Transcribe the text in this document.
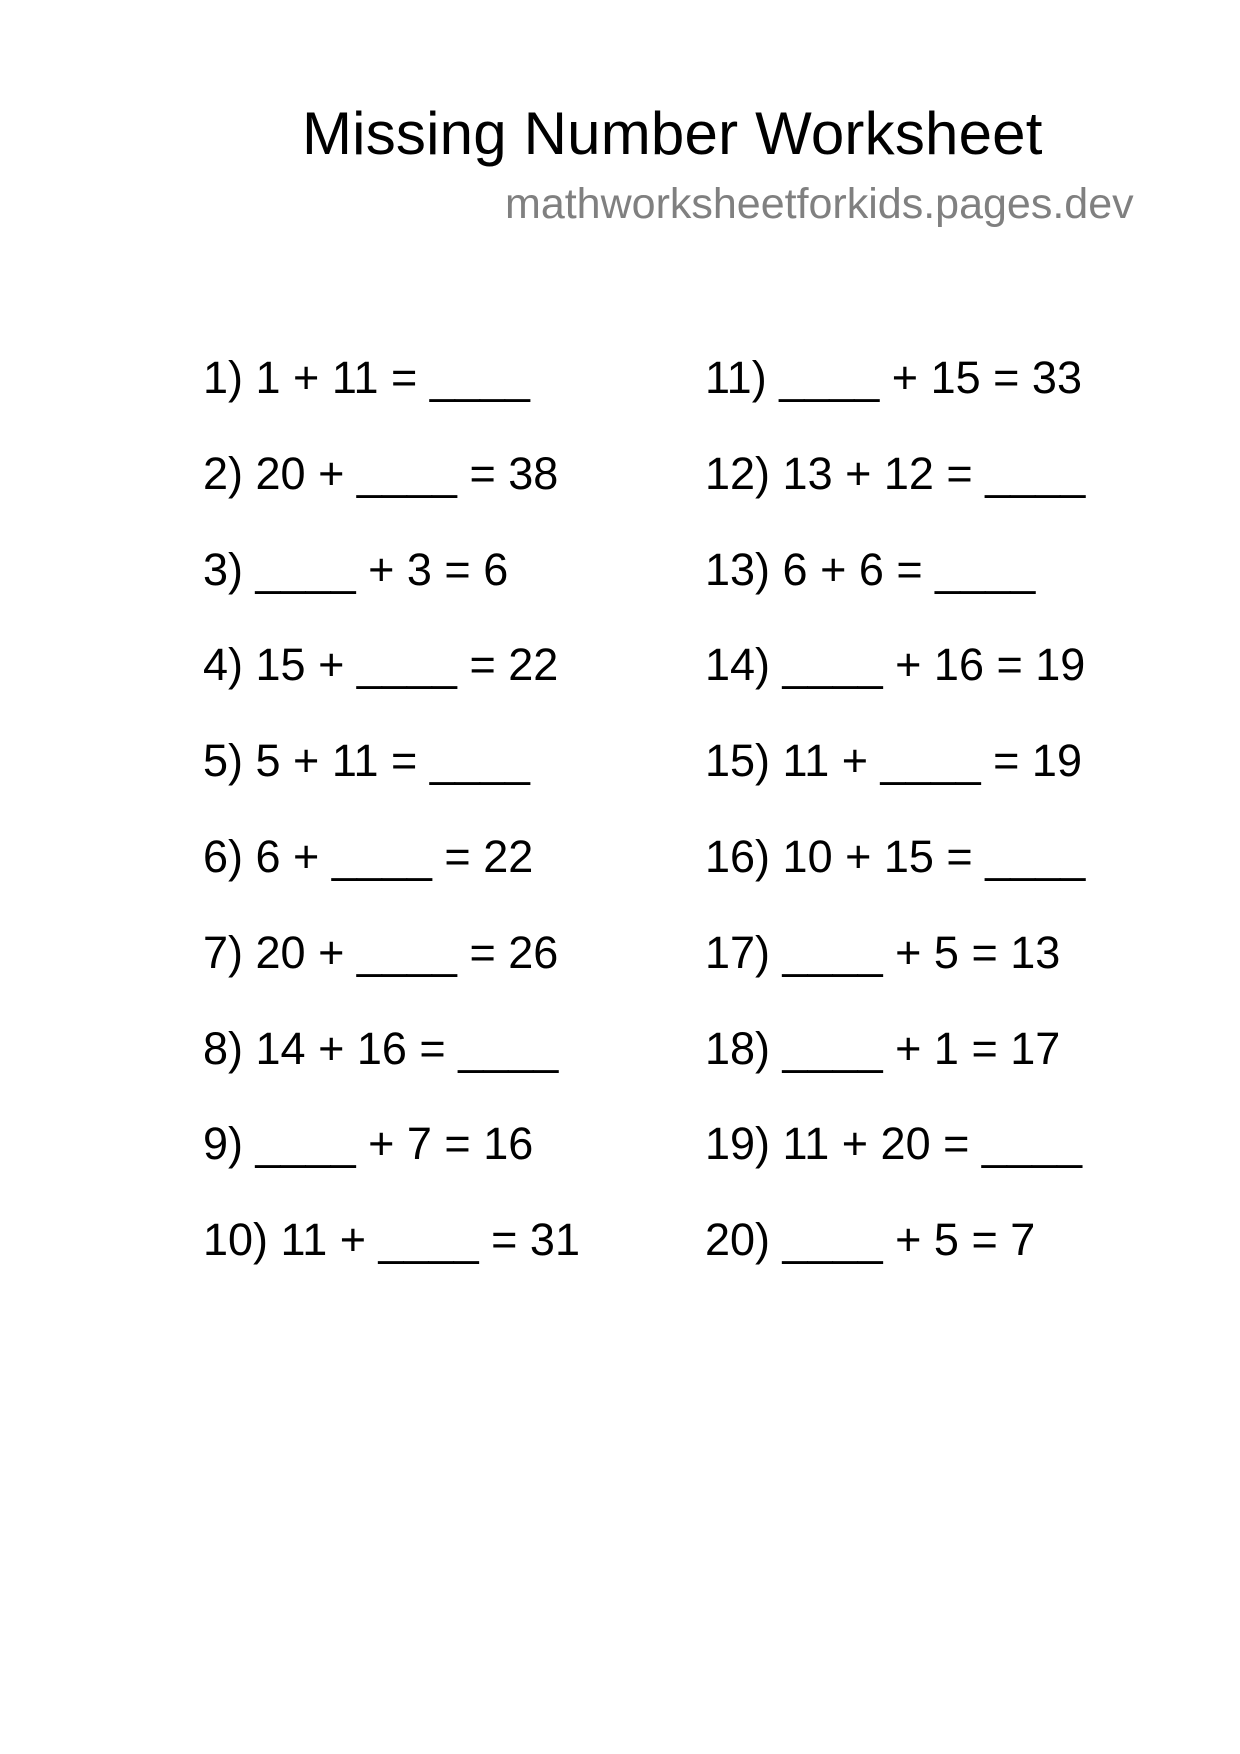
Missing Number Worksheet
mathworksheetforkids.pages.dev
1) 1 + 11 = ____
2) 20 + ____ = 38
3) ____ + 3 = 6
4) 15 + ____ = 22
5) 5 + 11 = ____
6) 6 + ____ = 22
7) 20 + ____ = 26
8) 14 + 16 = ____
9) ____ + 7 = 16
10) 11 + ____ = 31
11) ____ + 15 = 33
12) 13 + 12 = ____
13) 6 + 6 = ____
14) ____ + 16 = 19
15) 11 + ____ = 19
16) 10 + 15 = ____
17) ____ + 5 = 13
18) ____ + 1 = 17
19) 11 + 20 = ____
20) ____ + 5 = 7
